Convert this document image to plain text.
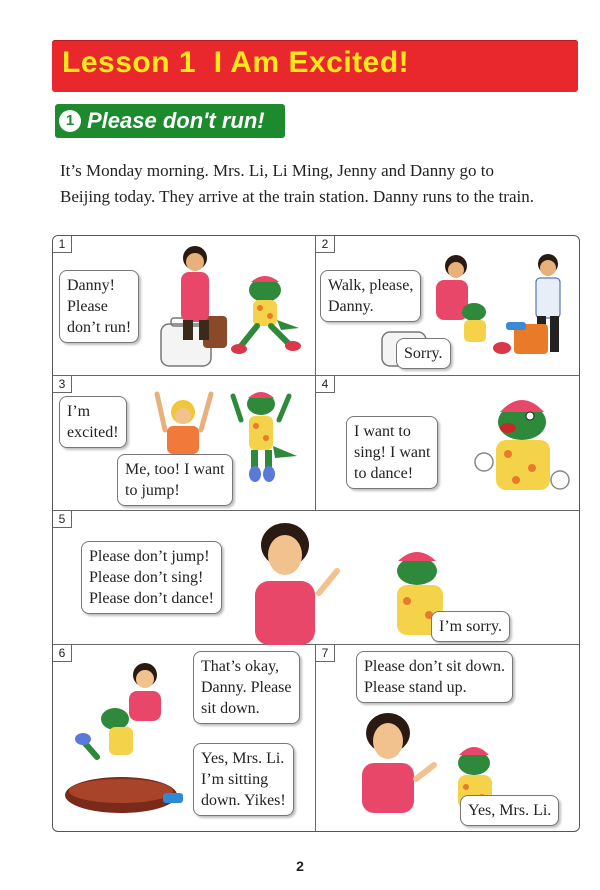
Lesson 1  I Am Excited!
1 Please don't run!

It’s Monday morning. Mrs. Li, Li Ming, Jenny and Danny go to

Beijing today. They arrive at the train station. Danny runs to the train.

1

Danny!

Please

don’t run!

2

Walk, please,

Danny.

Sorry.

3

I’m

excited!

Me, too! I want

to jump!

4

I want to

sing! I want

to dance!

5

Please don’t jump!

Please don’t sing!

Please don’t dance!

I’m sorry.

6

That’s okay,

Danny. Please

sit down.

Yes, Mrs. Li.

I’m sitting

down. Yikes!

7

Please don’t sit down.

Please stand up.

Yes, Mrs. Li.

2
